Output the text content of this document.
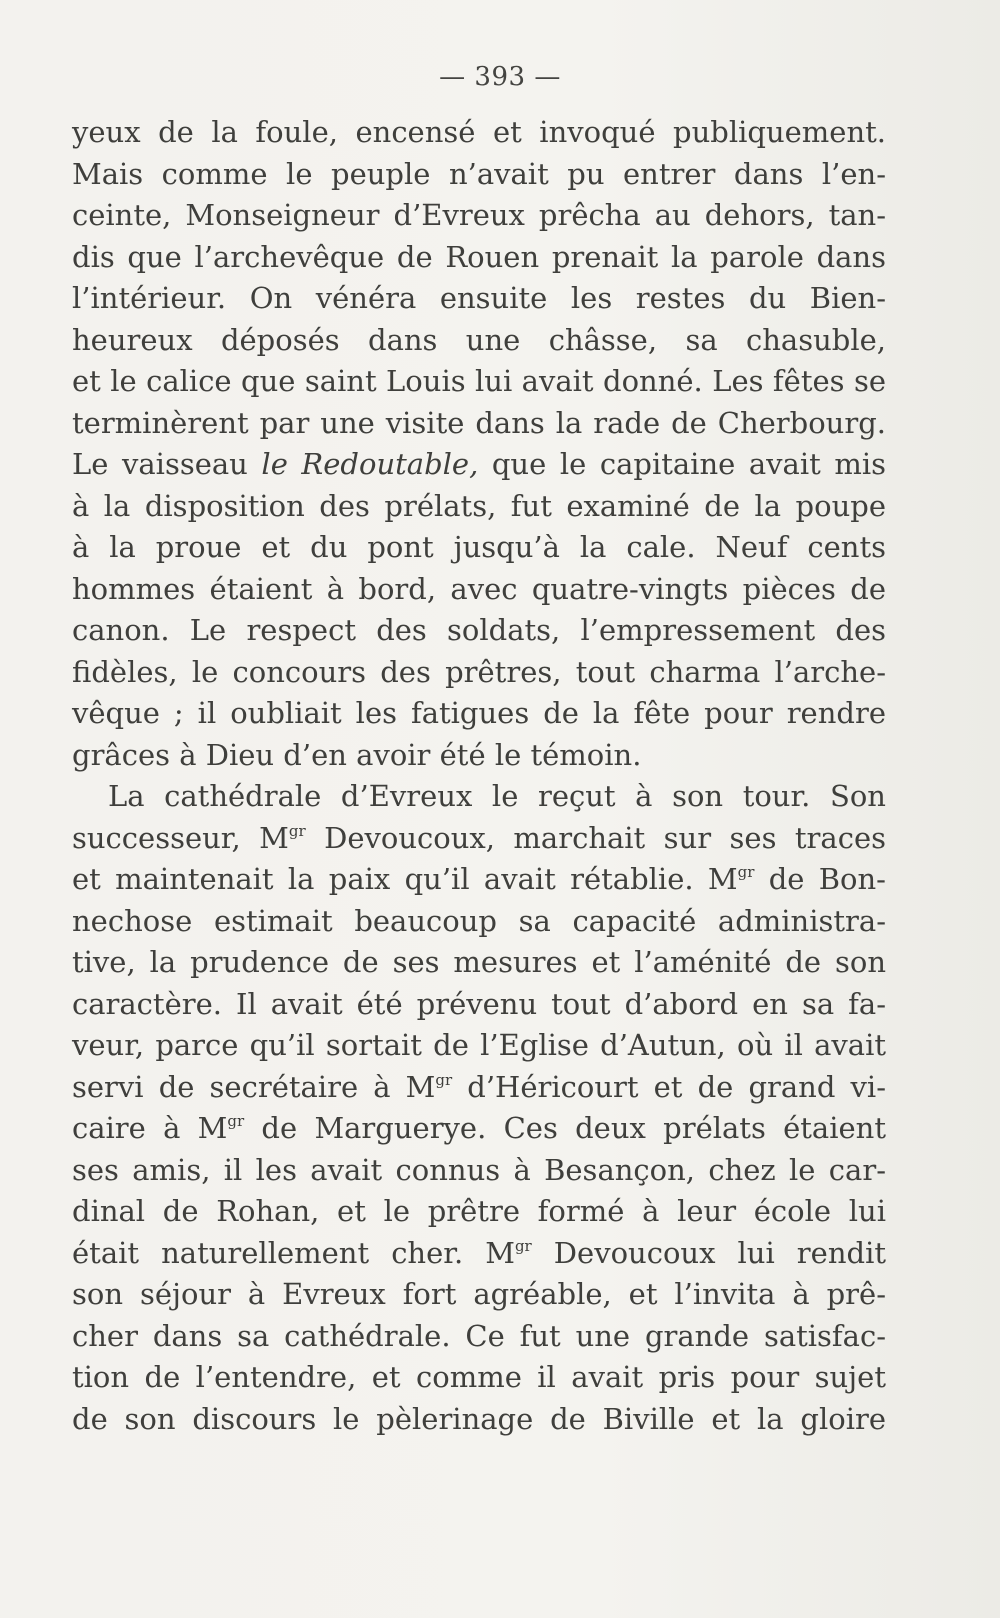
— 393 —
yeux de la foule, encensé et invoqué publiquement.
Mais comme le peuple n’avait pu entrer dans l’en-
ceinte, Monseigneur d’Evreux prêcha au dehors, tan-
dis que l’archevêque de Rouen prenait la parole dans
l’intérieur. On vénéra ensuite les restes du Bien-
heureux déposés dans une châsse, sa chasuble,
et le calice que saint Louis lui avait donné. Les fêtes se
terminèrent par une visite dans la rade de Cherbourg.
Le vaisseau le Redoutable, que le capitaine avait mis
à la disposition des prélats, fut examiné de la poupe
à la proue et du pont jusqu’à la cale. Neuf cents
hommes étaient à bord, avec quatre-vingts pièces de
canon. Le respect des soldats, l’empressement des
fidèles, le concours des prêtres, tout charma l’arche-
vêque ; il oubliait les fatigues de la fête pour rendre
grâces à Dieu d’en avoir été le témoin.
La cathédrale d’Evreux le reçut à son tour. Son
successeur, $M^{gr}$ Devoucoux, marchait sur ses traces
et maintenait la paix qu’il avait rétablie. $M^{gr}$ de Bon-
nechose estimait beaucoup sa capacité administra-
tive, la prudence de ses mesures et l’aménité de son
caractère. Il avait été prévenu tout d’abord en sa fa-
veur, parce qu’il sortait de l’Eglise d’Autun, où il avait
servi de secrétaire à $M^{gr}$ d’Héricourt et de grand vi-
caire à $M^{gr}$ de Marguerye. Ces deux prélats étaient
ses amis, il les avait connus à Besançon, chez le car-
dinal de Rohan, et le prêtre formé à leur école lui
était naturellement cher. $M^{gr}$ Devoucoux lui rendit
son séjour à Evreux fort agréable, et l’invita à prê-
cher dans sa cathédrale. Ce fut une grande satisfac-
tion de l’entendre, et comme il avait pris pour sujet
de son discours le pèlerinage de Biville et la gloire
